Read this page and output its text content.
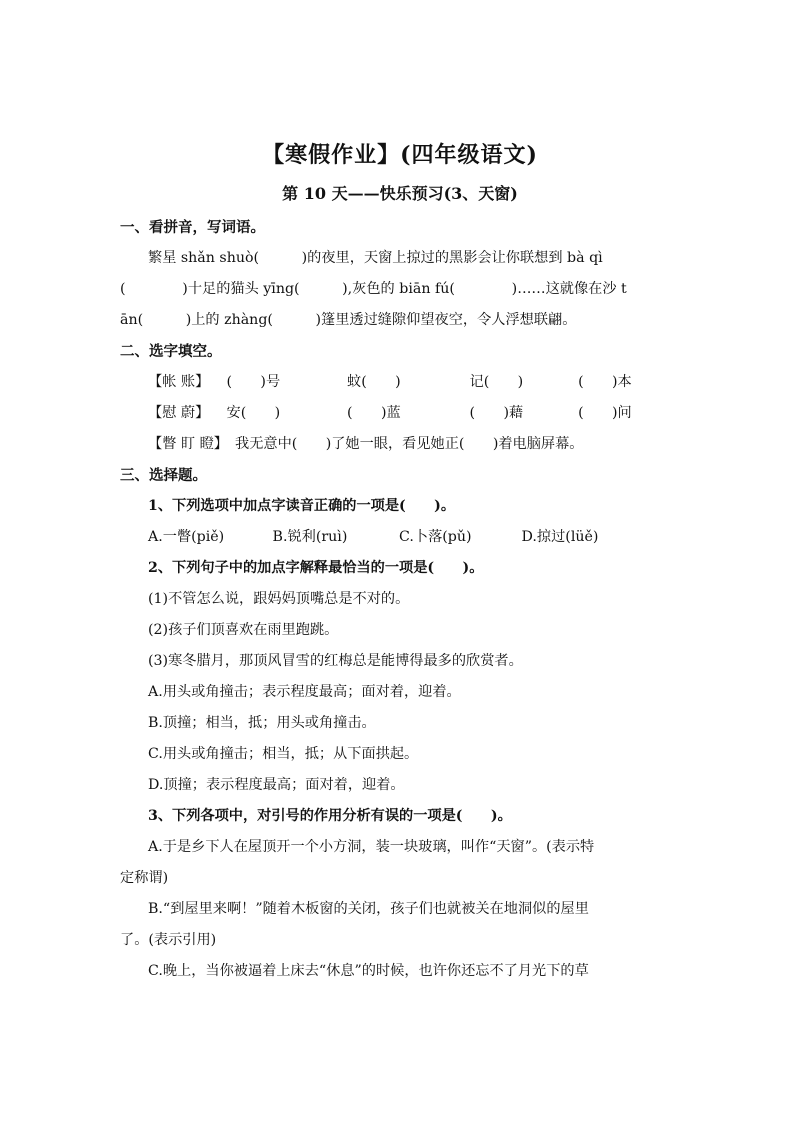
【寒假作业】(四年级语文)
第 10 天——快乐预习(3、天窗)
一、看拼音，写词语。
繁星 shǎn shuò(　　　)的夜里，天窗上掠过的黑影会让你联想到 bà qì
(　　　　)十足的猫头 yīng(　　　),灰色的 biān fú(　　　　)……这就像在沙 t
ān(　　　)上的 zhàng(　　　)篷里透过缝隙仰望夜空，令人浮想联翩。
二、选字填空。
【帐 账】 (　　)号	蚊(　　)	记(　　)	(　　)本
【慰 蔚】 安(　　)	(　　)蓝	(　　)藉	(　　)问
【瞥 盯 瞪】　我无意中(　　)了她一眼，看见她正(　　)着电脑屏幕。
三、选择题。
1、下列选项中加点字读音正确的一项是(　　)。
A.一瞥(piě)	B.锐利(ruì)	C.卜落(pǔ)	D.掠过(lüě)
2、下列句子中的加点字解释最恰当的一项是(　　)。
(1)不管怎么说，跟妈妈顶嘴总是不对的。
(2)孩子们顶喜欢在雨里跑跳。
(3)寒冬腊月，那顶风冒雪的红梅总是能博得最多的欣赏者。
A.用头或角撞击；表示程度最高；面对着，迎着。
B.顶撞；相当，抵；用头或角撞击。
C.用头或角撞击；相当，抵；从下面拱起。
D.顶撞；表示程度最高；面对着，迎着。
3、下列各项中，对引号的作用分析有误的一项是(　　)。
A.于是乡下人在屋顶开一个小方洞，装一块玻璃，叫作“天窗”。(表示特
定称谓)
B.“到屋里来啊！”随着木板窗的关闭，孩子们也就被关在地洞似的屋里
了。(表示引用)
C.晚上，当你被逼着上床去“休息”的时候，也许你还忘不了月光下的草
